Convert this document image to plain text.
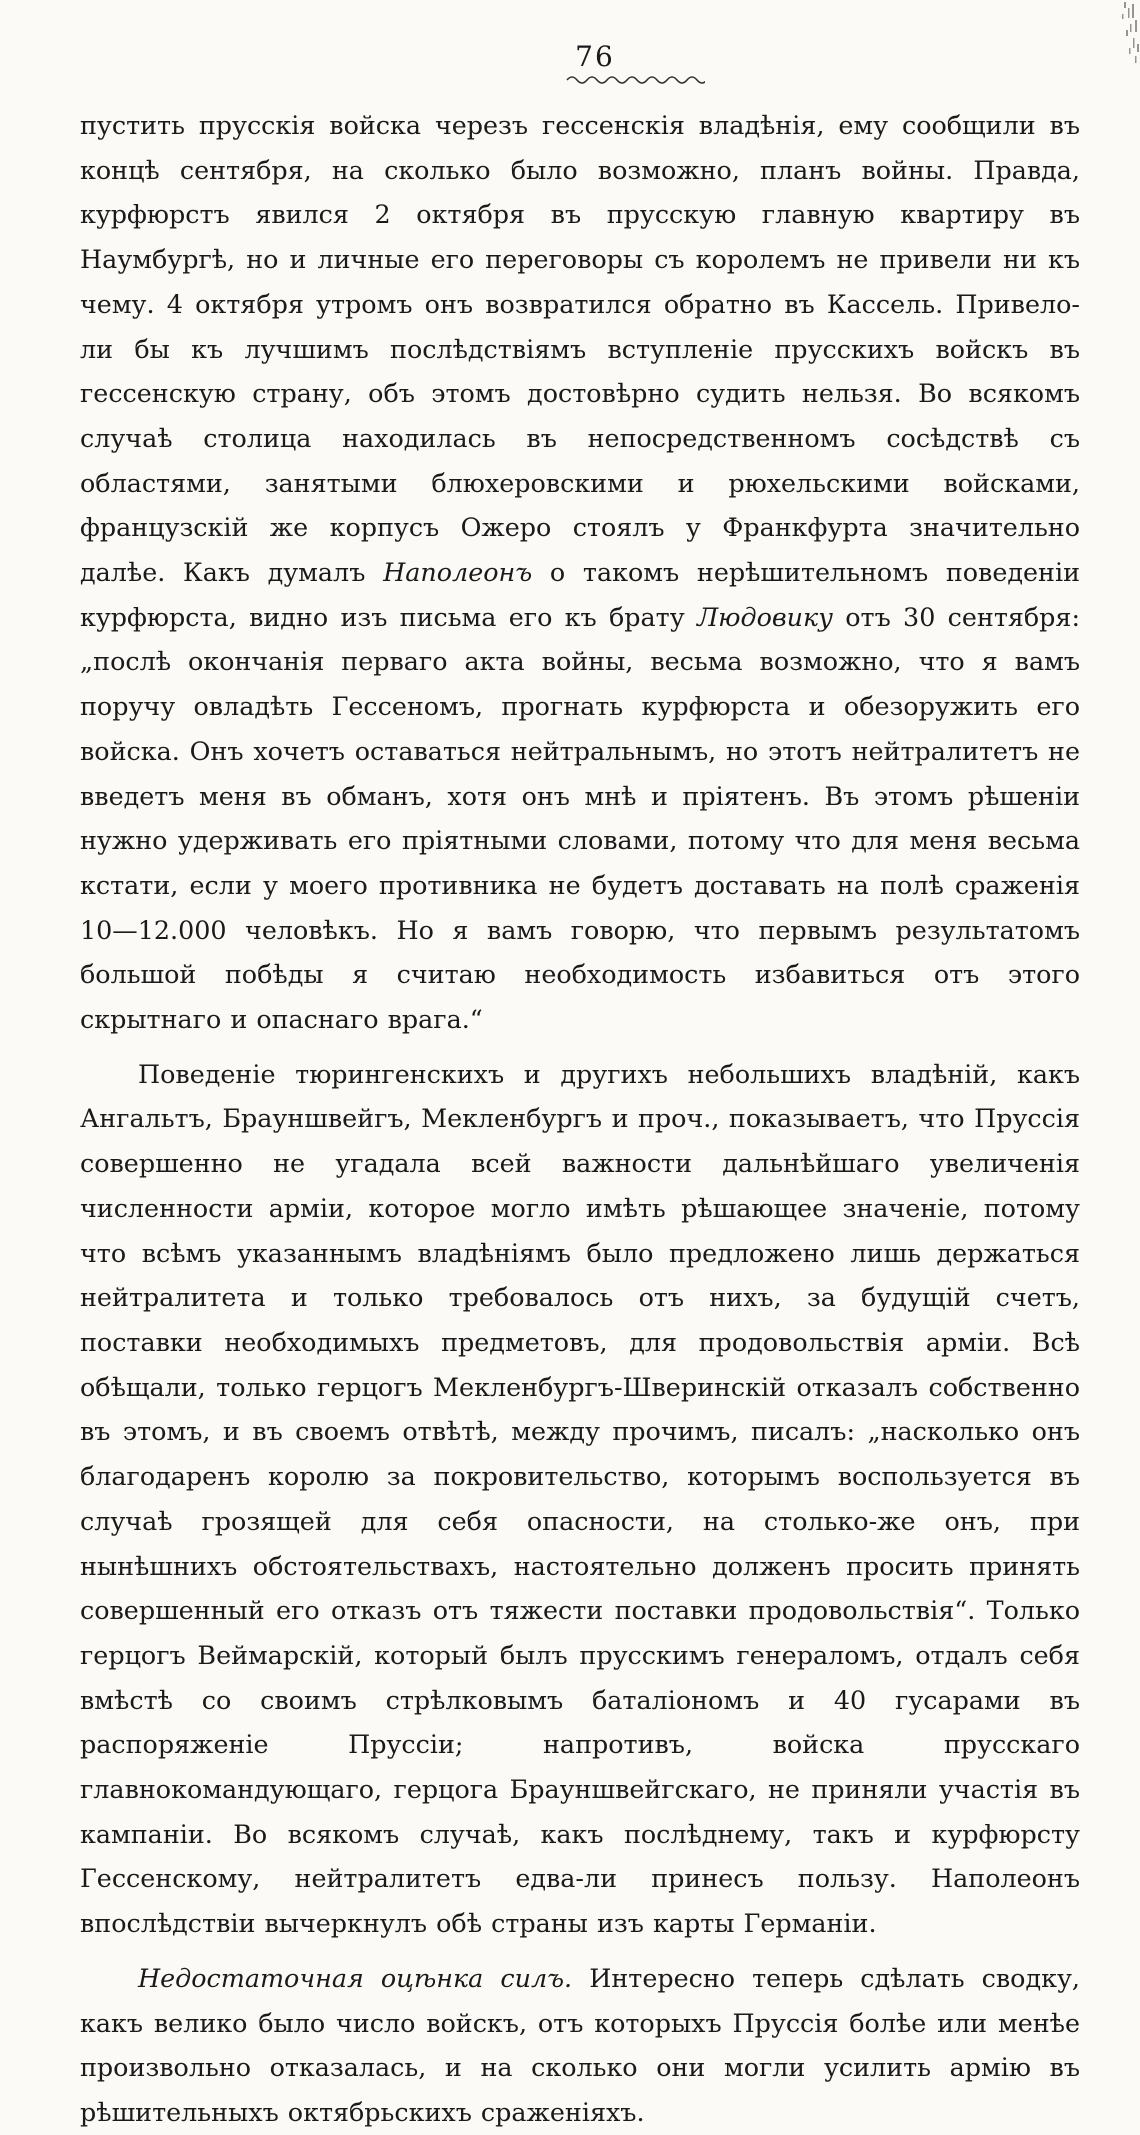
76

пустить прусскія войска черезъ гессенскія владѣнія, ему сообщили въ концѣ сентября, на сколько было возможно, планъ войны. Правда, курфюрстъ явился 2 октября въ прусскую главную квартиру въ Наумбургѣ, но и личные его переговоры съ королемъ не привели ни къ чему. 4 октября утромъ онъ возвратился обратно въ Кассель. Привело-ли бы къ лучшимъ послѣдствіямъ вступленіе прусскихъ войскъ въ гессенскую страну, объ этомъ достовѣрно судить нельзя. Во всякомъ случаѣ столица находилась въ непосредственномъ сосѣдствѣ съ областями, занятыми блюхеровскими и рюхельскими войсками, французскій же корпусъ Ожеро стоялъ у Франкфурта значительно далѣе. Какъ думалъ Наполеонъ о такомъ нерѣшительномъ поведеніи курфюрста, видно изъ письма его къ брату Людовику отъ 30 сентября: „послѣ окончанія перваго акта войны, весьма возможно, что я вамъ поручу овладѣть Гессеномъ, прогнать курфюрста и обезоружить его войска. Онъ хочетъ оставаться нейтральнымъ, но этотъ нейтралитетъ не введетъ меня въ обманъ, хотя онъ мнѣ и пріятенъ. Въ этомъ рѣшеніи нужно удерживать его пріятными словами, потому что для меня весьма кстати, если у моего противника не будетъ доставать на полѣ сраженія 10—12.000 человѣкъ. Но я вамъ говорю, что первымъ результатомъ большой побѣды я считаю необходимость избавиться отъ этого скрытнаго и опаснаго врага.“

Поведеніе тюрингенскихъ и другихъ небольшихъ владѣній, какъ Ангальтъ, Брауншвейгъ, Мекленбургъ и проч., показываетъ, что Пруссія совершенно не угадала всей важности дальнѣйшаго увеличенія численности арміи, которое могло имѣть рѣшающее значеніе, потому что всѣмъ указаннымъ владѣніямъ было предложено лишь держаться нейтралитета и только требовалось отъ нихъ, за будущій счетъ, поставки необходимыхъ предметовъ, для продовольствія арміи. Всѣ обѣщали, только герцогъ Мекленбургъ-Шверинскій отказалъ собственно въ этомъ, и въ своемъ отвѣтѣ, между прочимъ, писалъ: „насколько онъ благодаренъ королю за покровительство, которымъ воспользуется въ случаѣ грозящей для себя опасности, на столько-же онъ, при нынѣшнихъ обстоятельствахъ, настоятельно долженъ просить принять совершенный его отказъ отъ тяжести поставки продовольствія“. Только герцогъ Веймарскій, который былъ прусскимъ генераломъ, отдалъ себя вмѣстѣ со своимъ стрѣлковымъ баталіономъ и 40 гусарами въ распоряженіе Пруссіи; напротивъ, войска прусскаго главнокомандующаго, герцога Брауншвейгскаго, не приняли участія въ кампаніи. Во всякомъ случаѣ, какъ послѣднему, такъ и курфюрсту Гессенскому, нейтралитетъ едва-ли принесъ пользу. Наполеонъ впослѣдствіи вычеркнулъ обѣ страны изъ карты Германіи.

Недостаточная оцѣнка силъ. Интересно теперь сдѣлать сводку, какъ велико было число войскъ, отъ которыхъ Пруссія болѣе или менѣе произвольно отказалась, и на сколько они могли усилить армію въ рѣшительныхъ октябрьскихъ сраженіяхъ.
